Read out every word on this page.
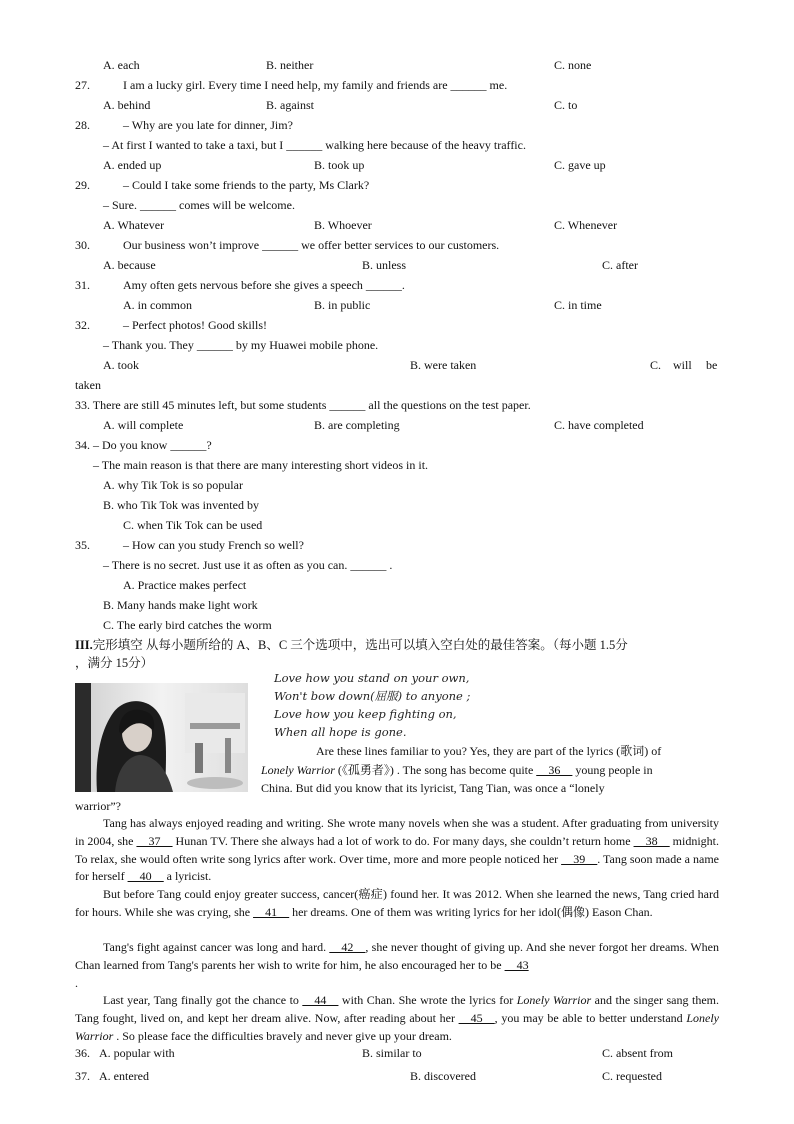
A. each	B. neither	C. none
27.	I am a lucky girl. Every time I need help, my family and friends are ______ me.
A. behind	B. against	C. to
28.	– Why are you late for dinner, Jim?
– At first I wanted to take a taxi, but I ______ walking here because of the heavy traffic.
A. ended up	B. took up	C. gave up
29.	– Could I take some friends to the party, Ms Clark?
– Sure. ______ comes will be welcome.
A. Whatever	B. Whoever	C. Whenever
30.	Our business won’t improve ______ we offer better services to our customers.
A. because	B. unless	C. after
31.	Amy often gets nervous before she gives a speech ______.
A. in common	B. in public	C. in time
32.	– Perfect photos! Good skills!
– Thank you. They ______ by my Huawei mobile phone.
A. took	B. were taken	C. will be
taken
33. There are still 45 minutes left, but some students ______ all the questions on the test paper.
A. will complete	B. are completing	C. have completed
34. – Do you know ______?
– The main reason is that there are many interesting short videos in it.
A. why Tik Tok is so popular
B. who Tik Tok was invented by
C. when Tik Tok can be used
35.	– How can you study French so well?
– There is no secret. Just use it as often as you can. ______ .
A. Practice makes perfect
B. Many hands make light work
C. The early bird catches the worm
III.完形填空 从每小题所给的 A、B、C 三个选项中，选出可以填入空白处的最佳答案。（每小题 1.5分
，满分 15分）
Love how you stand on your own,
Won't bow down(屈服) to anyone ;
Love how you keep fighting on,
When all hope is gone.
Are these lines familiar to you? Yes, they are part of the lyrics (歌词) of
Lonely Warrior (《孤勇者》) . The song has become quite __36__ young people in
China. But did you know that its lyricist, Tang Tian, was once a “lonely
warrior”?
Tang has always enjoyed reading and writing. She wrote many novels when she was a student. After graduating from university in 2004, she __37__ Hunan TV. There she always had a lot of work to do. For many days, she couldn’t return home __38__ midnight. To relax, she would often write song lyrics after work. Over time, more and more people noticed her __39__. Tang soon made a name for herself __40__ a lyricist.
But before Tang could enjoy greater success, cancer(癌症) found her. It was 2012. When she learned the news, Tang cried hard for hours. While she was crying, she __41__ her dreams. One of them was writing lyrics for her idol(偶像) Eason Chan.
Tang's fight against cancer was long and hard. __42__, she never thought of giving up. And she never forgot her dreams. When Chan learned from Tang's parents her wish to write for him, he also encouraged her to be __43
.
Last year, Tang finally got the chance to __44__ with Chan. She wrote the lyrics for Lonely Warrior and the singer sang them. Tang fought, lived on, and kept her dream alive. Now, after reading about her __45__, you may be able to better understand Lonely Warrior . So please face the difficulties bravely and never give up your dream.
36. A. popular with	B. similar to	C. absent from
37. A. entered	B. discovered	C. requested
